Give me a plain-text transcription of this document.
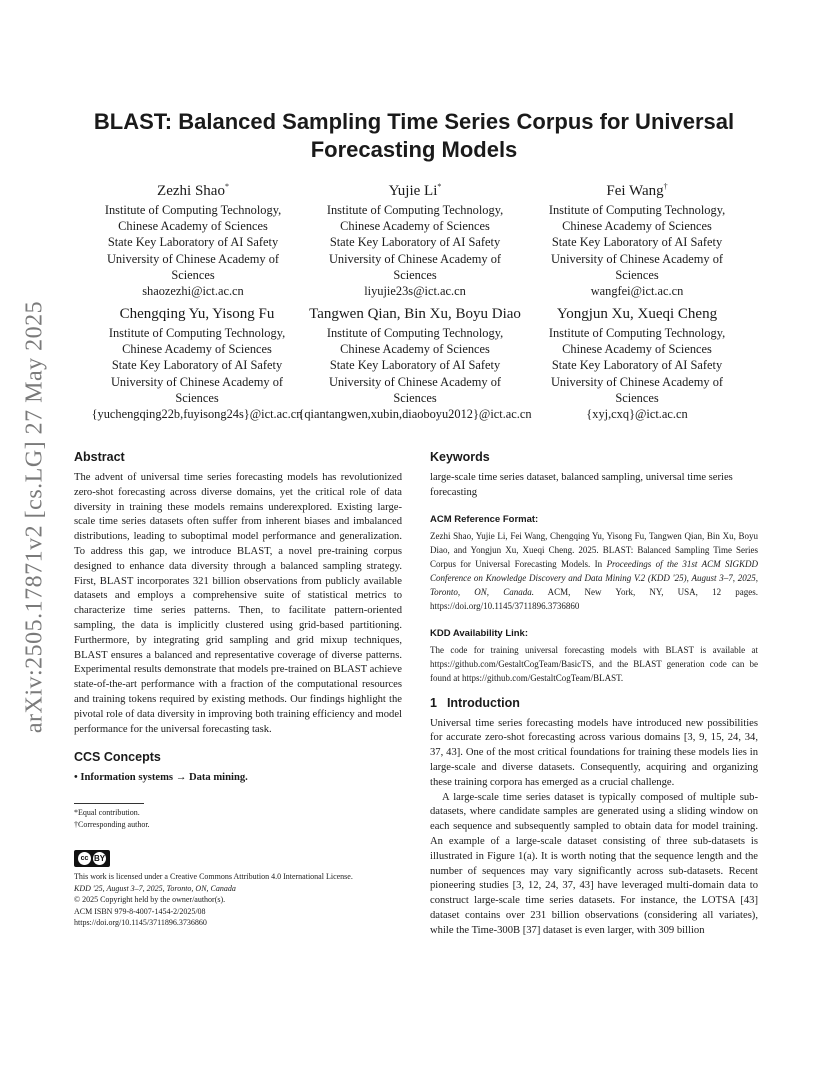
arXiv:2505.17871v2 [cs.LG] 27 May 2025
BLAST: Balanced Sampling Time Series Corpus for Universal
Forecasting Models
Zezhi Shao*
Institute of Computing Technology,
Chinese Academy of Sciences
State Key Laboratory of AI Safety
University of Chinese Academy of
Sciences
shaozezhi@ict.ac.cn
Yujie Li*
Institute of Computing Technology,
Chinese Academy of Sciences
State Key Laboratory of AI Safety
University of Chinese Academy of
Sciences
liyujie23s@ict.ac.cn
Fei Wang†
Institute of Computing Technology,
Chinese Academy of Sciences
State Key Laboratory of AI Safety
University of Chinese Academy of
Sciences
wangfei@ict.ac.cn
Chengqing Yu, Yisong Fu
Institute of Computing Technology,
Chinese Academy of Sciences
State Key Laboratory of AI Safety
University of Chinese Academy of
Sciences
{yuchengqing22b,fuyisong24s}@ict.ac.cn
Tangwen Qian, Bin Xu, Boyu Diao
Institute of Computing Technology,
Chinese Academy of Sciences
State Key Laboratory of AI Safety
University of Chinese Academy of
Sciences
{qiantangwen,xubin,diaoboyu2012}@ict.ac.cn
Yongjun Xu, Xueqi Cheng
Institute of Computing Technology,
Chinese Academy of Sciences
State Key Laboratory of AI Safety
University of Chinese Academy of
Sciences
{xyj,cxq}@ict.ac.cn
Abstract

The advent of universal time series forecasting models has revolutionized zero-shot forecasting across diverse domains, yet the critical role of data diversity in training these models remains underexplored. Existing large-scale time series datasets often suffer from inherent biases and imbalanced distributions, leading to suboptimal model performance and generalization. To address this gap, we introduce BLAST, a novel pre-training corpus designed to enhance data diversity through a balanced sampling strategy. First, BLAST incorporates 321 billion observations from publicly available datasets and employs a comprehensive suite of statistical metrics to characterize time series patterns. Then, to facilitate pattern-oriented sampling, the data is implicitly clustered using grid-based partitioning. Furthermore, by integrating grid sampling and grid mixup techniques, BLAST ensures a balanced and representative coverage of diverse patterns. Experimental results demonstrate that models pre-trained on BLAST achieve state-of-the-art performance with a fraction of the computational resources and training tokens required by existing methods. Our findings highlight the pivotal role of data diversity in improving both training efficiency and model performance for the universal forecasting task.

CCS Concepts

• Information systems → Data mining.

*Equal contribution.
†Corresponding author.
cc BY
This work is licensed under a Creative Commons Attribution 4.0 International License.
KDD '25, August 3–7, 2025, Toronto, ON, Canada
© 2025 Copyright held by the owner/author(s).
ACM ISBN 979-8-4007-1454-2/2025/08
https://doi.org/10.1145/3711896.3736860
Keywords

large-scale time series dataset, balanced sampling, universal time series forecasting

ACM Reference Format:

Zezhi Shao, Yujie Li, Fei Wang, Chengqing Yu, Yisong Fu, Tangwen Qian, Bin Xu, Boyu Diao, and Yongjun Xu, Xueqi Cheng. 2025. BLAST: Balanced Sampling Time Series Corpus for Universal Forecasting Models. In Proceedings of the 31st ACM SIGKDD Conference on Knowledge Discovery and Data Mining V.2 (KDD '25), August 3–7, 2025, Toronto, ON, Canada. ACM, New York, NY, USA, 12 pages. https://doi.org/10.1145/3711896.3736860

KDD Availability Link:

The code for training universal forecasting models with BLAST is available at https://github.com/GestaltCogTeam/BasicTS, and the BLAST generation code can be found at https://github.com/GestaltCogTeam/BLAST.

1 Introduction

Universal time series forecasting models have introduced new possibilities for accurate zero-shot forecasting across various domains [3, 9, 15, 24, 34, 37, 43]. One of the most critical foundations for training these models lies in large-scale and diverse datasets. Consequently, acquiring and organizing these training corpora has emerged as a crucial challenge.

A large-scale time series dataset is typically composed of multiple sub-datasets, where candidate samples are generated using a sliding window on each sequence and subsequently sampled to obtain data for model training. An example of a large-scale dataset consisting of three sub-datasets is illustrated in Figure 1(a). It is worth noting that the sequence length and the number of sequences may vary significantly across sub-datasets. Recent pioneering studies [3, 12, 24, 37, 43] have leveraged multi-domain data to construct large-scale time series datasets. For instance, the LOTSA [43] dataset contains over 231 billion observations (considering all variates), while the Time-300B [37] dataset is even larger, with 309 billion
